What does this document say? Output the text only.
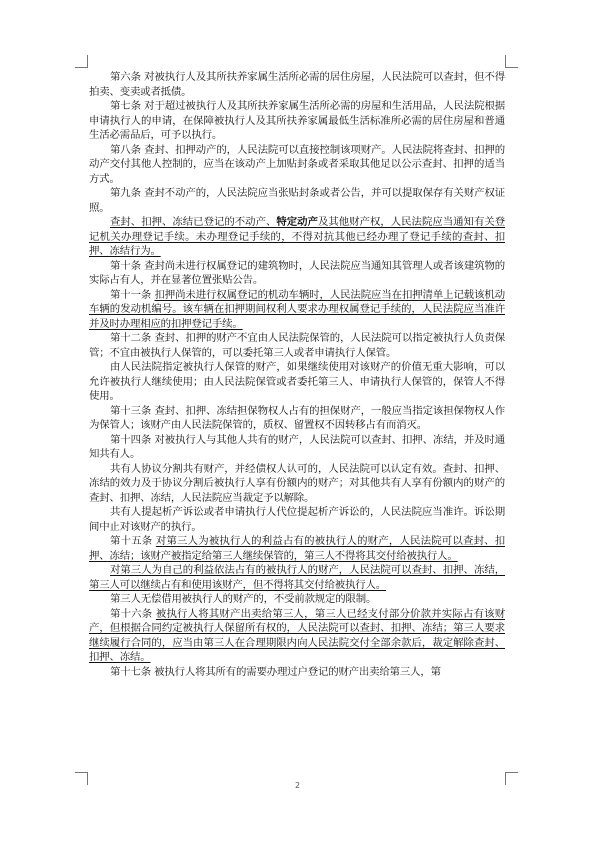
第六条 对被执行人及其所扶养家属生活所必需的居住房屋，人民法院可以查封，但不得拍卖、变卖或者抵债。

第七条 对于超过被执行人及其所扶养家属生活所必需的房屋和生活用品，人民法院根据申请执行人的申请，在保障被执行人及其所扶养家属最低生活标准所必需的居住房屋和普通生活必需品后，可予以执行。

第八条 查封、扣押动产的，人民法院可以直接控制该项财产。人民法院将查封、扣押的动产交付其他人控制的，应当在该动产上加贴封条或者采取其他足以公示查封、扣押的适当方式。

第九条 查封不动产的，人民法院应当张贴封条或者公告，并可以提取保存有关财产权证照。

查封、扣押、冻结已登记的不动产、特定动产及其他财产权，人民法院应当通知有关登记机关办理登记手续。未办理登记手续的，不得对抗其他已经办理了登记手续的查封、扣押、冻结行为。

第十条 查封尚未进行权属登记的建筑物时，人民法院应当通知其管理人或者该建筑物的实际占有人，并在显著位置张贴公告。

第十一条 扣押尚未进行权属登记的机动车辆时，人民法院应当在扣押清单上记载该机动车辆的发动机编号。该车辆在扣押期间权利人要求办理权属登记手续的，人民法院应当准许并及时办理相应的扣押登记手续。

第十二条 查封、扣押的财产不宜由人民法院保管的，人民法院可以指定被执行人负责保管；不宜由被执行人保管的，可以委托第三人或者申请执行人保管。

由人民法院指定被执行人保管的财产，如果继续使用对该财产的价值无重大影响，可以允许被执行人继续使用；由人民法院保管或者委托第三人、申请执行人保管的，保管人不得使用。

第十三条 查封、扣押、冻结担保物权人占有的担保财产，一般应当指定该担保物权人作为保管人；该财产由人民法院保管的，质权、留置权不因转移占有而消灭。

第十四条 对被执行人与其他人共有的财产，人民法院可以查封、扣押、冻结，并及时通知共有人。

共有人协议分割共有财产，并经债权人认可的，人民法院可以认定有效。查封、扣押、冻结的效力及于协议分割后被执行人享有份额内的财产；对其他共有人享有份额内的财产的查封、扣押、冻结，人民法院应当裁定予以解除。

共有人提起析产诉讼或者申请执行人代位提起析产诉讼的，人民法院应当准许。诉讼期间中止对该财产的执行。

第十五条 对第三人为被执行人的利益占有的被执行人的财产，人民法院可以查封、扣押、冻结；该财产被指定给第三人继续保管的，第三人不得将其交付给被执行人。

对第三人为自己的利益依法占有的被执行人的财产，人民法院可以查封、扣押、冻结，第三人可以继续占有和使用该财产，但不得将其交付给被执行人。

第三人无偿借用被执行人的财产的，不受前款规定的限制。

第十六条 被执行人将其财产出卖给第三人，第三人已经支付部分价款并实际占有该财产，但根据合同约定被执行人保留所有权的，人民法院可以查封、扣押、冻结；第三人要求继续履行合同的，应当由第三人在合理期限内向人民法院交付全部余款后，裁定解除查封、扣押、冻结。

第十七条 被执行人将其所有的需要办理过户登记的财产出卖给第三人，第

2
